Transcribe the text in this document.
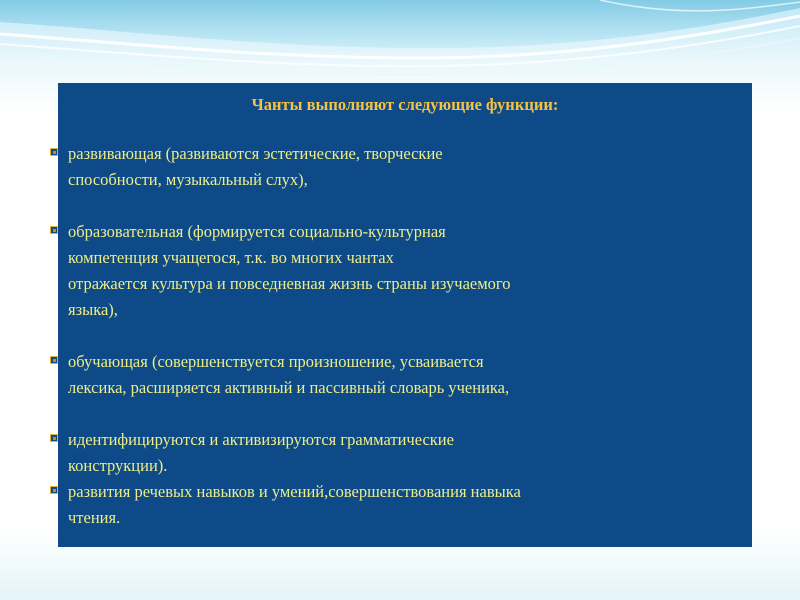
Чанты выполняют следующие функции:
развивающая (развиваются эстетические, творческие
способности, музыкальный слух),
образовательная (формируется социально-культурная
компетенция учащегося, т.к. во многих чантах
отражается культура и повседневная жизнь страны изучаемого
языка),
обучающая (совершенствуется произношение, усваивается
лексика, расширяется активный и пассивный словарь ученика,
идентифицируются и активизируются грамматические
конструкции).
развития речевых навыков и умений,совершенствования навыка
чтения.
